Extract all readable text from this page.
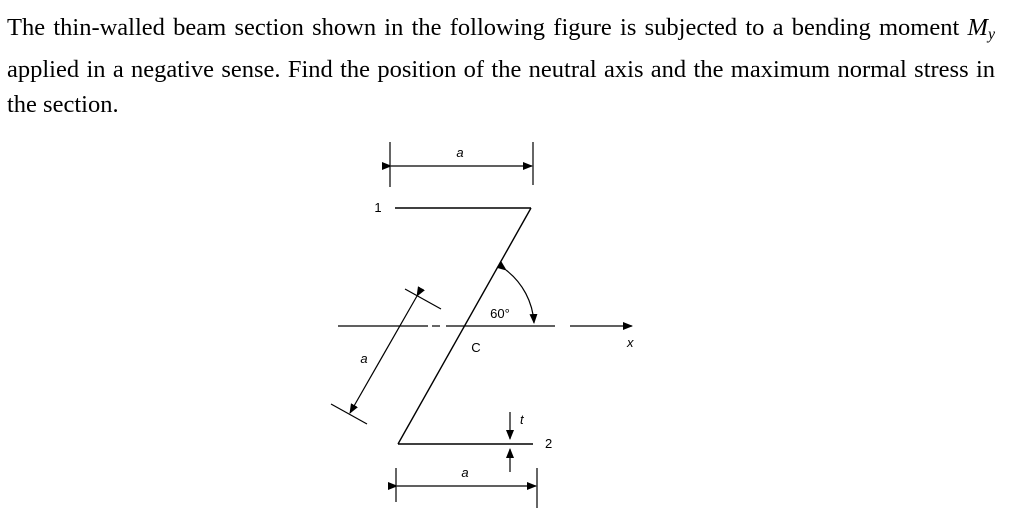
The thin-walled beam section shown in the following figure is subjected to a bending moment $M_y$ applied in a negative sense. Find the position of the neutral axis and the maximum normal stress in the section.

a
1
2
x
C
60°
a
t
a
